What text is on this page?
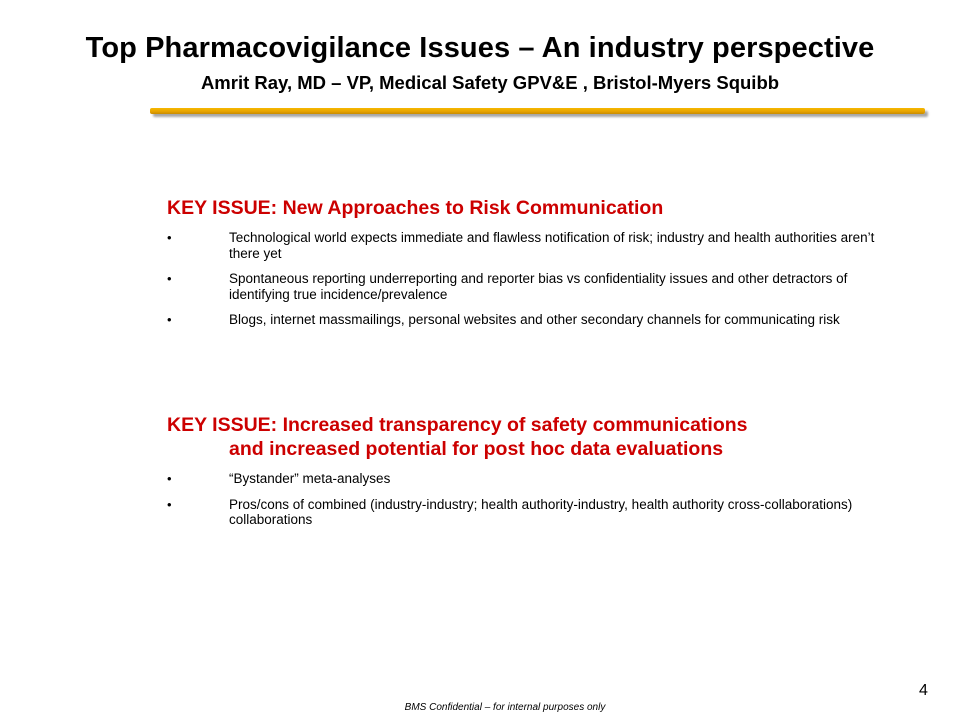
Top Pharmacovigilance Issues – An industry perspective
Amrit Ray, MD – VP, Medical Safety GPV&E , Bristol-Myers Squibb
KEY ISSUE: New Approaches to Risk Communication
•	Technological world expects immediate and flawless notification of risk; industry and health authorities aren’t there yet
•	Spontaneous reporting underreporting and reporter bias vs confidentiality issues and other detractors of identifying true incidence/prevalence
•	Blogs, internet massmailings, personal websites and other secondary channels for communicating risk
KEY ISSUE: Increased transparency of safety communications
and increased potential for post hoc data evaluations
•	“Bystander” meta-analyses
•	Pros/cons of combined (industry-industry; health authority-industry, health authority cross-collaborations) collaborations
4
BMS Confidential – for internal purposes only
